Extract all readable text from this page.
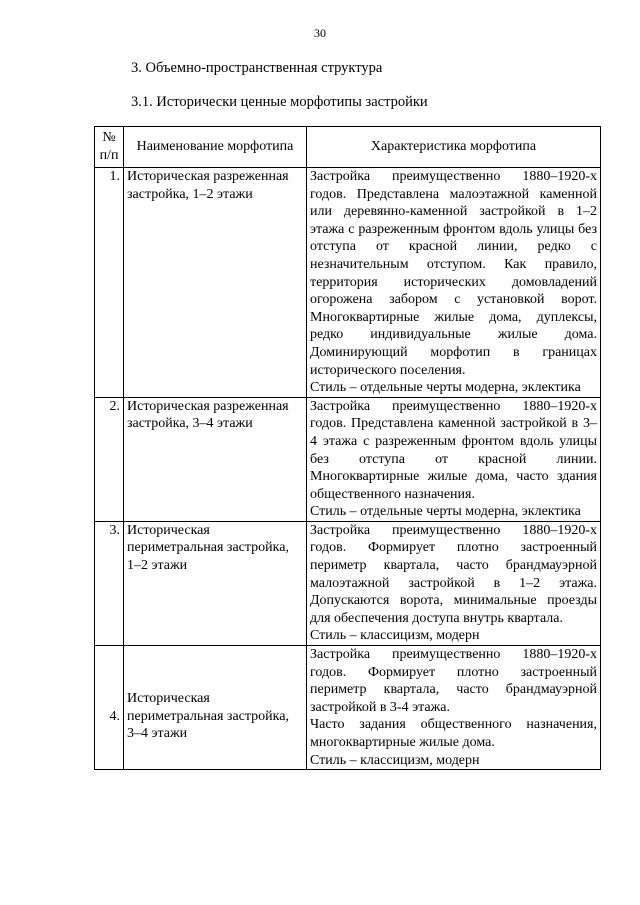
30
3. Объемно-пространственная структура
3.1. Исторически ценные морфотипы застройки
№ п/п	Наименование морфотипа	Характеристика морфотипа
1.	Историческая разреженная застройка, 1–2 этажи	Застройка преимущественно 1880–1920-х годов. Представлена малоэтажной каменной или деревянно-каменной застройкой в 1–2 этажа с разреженным фронтом вдоль улицы без отступа от красной линии, редко с незначительным отступом. Как правило, территория исторических домовладений огорожена забором с установкой ворот. Многоквартирные жилые дома, дуплексы, редко индивидуальные жилые дома. Доминирующий морфотип в границах исторического поселения.

Стиль – отдельные черты модерна, эклектика

2.	Историческая разреженная застройка, 3–4 этажи	Застройка преимущественно 1880–1920-х годов. Представлена каменной застройкой в 3–4 этажа с разреженным фронтом вдоль улицы без отступа от красной линии. Многоквартирные жилые дома, часто здания общественного назначения.

Стиль – отдельные черты модерна, эклектика

3.	Историческая периметральная застройка, 1–2 этажи	Застройка преимущественно 1880–1920-х годов. Формирует плотно застроенный периметр квартала, часто брандмауэрной малоэтажной застройкой в 1–2 этажа. Допускаются ворота, минимальные проезды для обеспечения доступа внутрь квартала.

Стиль – классицизм, модерн

4.	Историческая периметральная застройка, 3–4 этажи	Застройка преимущественно 1880–1920-х годов. Формирует плотно застроенный периметр квартала, часто брандмауэрной застройкой в 3-4 этажа.

Часто задания общественного назначения, многоквартирные жилые дома.

Стиль – классицизм, модерн
